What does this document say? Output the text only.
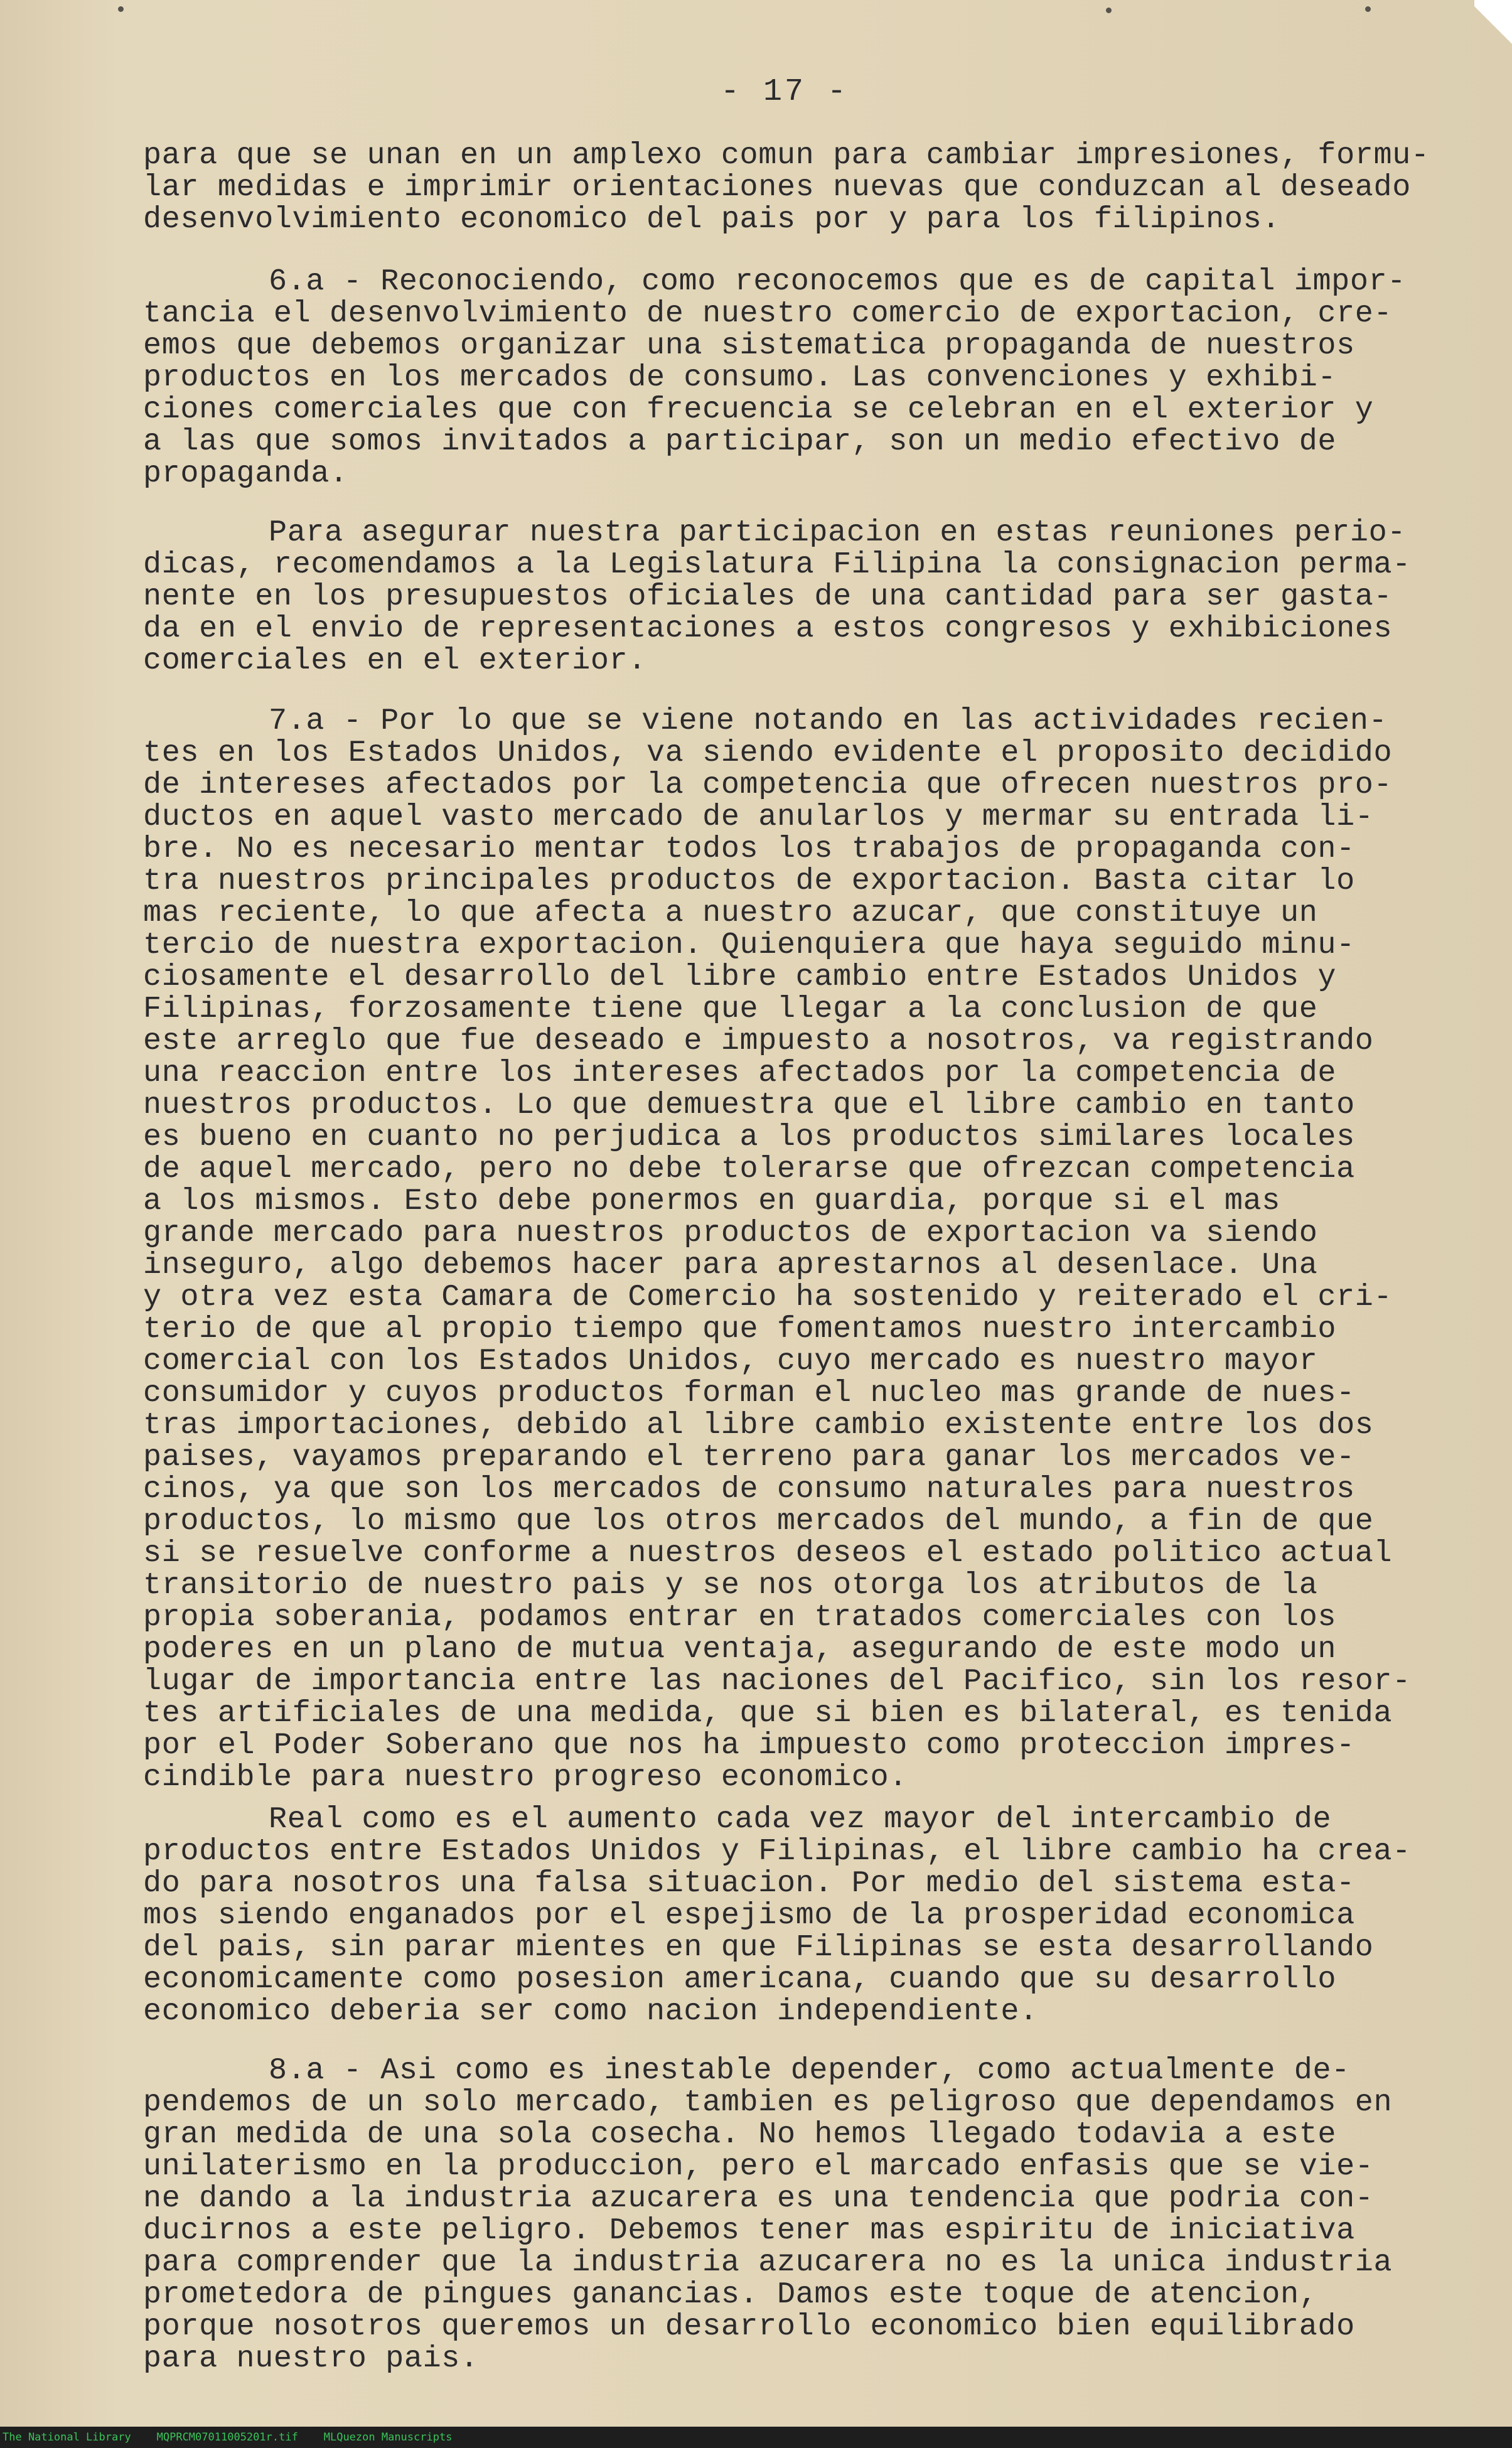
- 17 -
para que se unan en un amplexo comun para cambiar impresiones, formu-
lar medidas e imprimir orientaciones nuevas que conduzcan al deseado
desenvolvimiento economico del pais por y para los filipinos.
6.a - Reconociendo, como reconocemos que es de capital impor-
tancia el desenvolvimiento de nuestro comercio de exportacion, cre-
emos que debemos organizar una sistematica propaganda de nuestros
productos en los mercados de consumo. Las convenciones y exhibi-
ciones comerciales que con frecuencia se celebran en el exterior y
a las que somos invitados a participar, son un medio efectivo de
propaganda.
Para asegurar nuestra participacion en estas reuniones perio-
dicas, recomendamos a la Legislatura Filipina la consignacion perma-
nente en los presupuestos oficiales de una cantidad para ser gasta-
da en el envio de representaciones a estos congresos y exhibiciones
comerciales en el exterior.
7.a - Por lo que se viene notando en las actividades recien-
tes en los Estados Unidos, va siendo evidente el proposito decidido
de intereses afectados por la competencia que ofrecen nuestros pro-
ductos en aquel vasto mercado de anularlos y mermar su entrada li-
bre. No es necesario mentar todos los trabajos de propaganda con-
tra nuestros principales productos de exportacion. Basta citar lo
mas reciente, lo que afecta a nuestro azucar, que constituye un
tercio de nuestra exportacion. Quienquiera que haya seguido minu-
ciosamente el desarrollo del libre cambio entre Estados Unidos y
Filipinas, forzosamente tiene que llegar a la conclusion de que
este arreglo que fue deseado e impuesto a nosotros, va registrando
una reaccion entre los intereses afectados por la competencia de
nuestros productos. Lo que demuestra que el libre cambio en tanto
es bueno en cuanto no perjudica a los productos similares locales
de aquel mercado, pero no debe tolerarse que ofrezcan competencia
a los mismos. Esto debe ponermos en guardia, porque si el mas
grande mercado para nuestros productos de exportacion va siendo
inseguro, algo debemos hacer para aprestarnos al desenlace. Una
y otra vez esta Camara de Comercio ha sostenido y reiterado el cri-
terio de que al propio tiempo que fomentamos nuestro intercambio
comercial con los Estados Unidos, cuyo mercado es nuestro mayor
consumidor y cuyos productos forman el nucleo mas grande de nues-
tras importaciones, debido al libre cambio existente entre los dos
paises, vayamos preparando el terreno para ganar los mercados ve-
cinos, ya que son los mercados de consumo naturales para nuestros
productos, lo mismo que los otros mercados del mundo, a fin de que
si se resuelve conforme a nuestros deseos el estado politico actual
transitorio de nuestro pais y se nos otorga los atributos de la
propia soberania, podamos entrar en tratados comerciales con los
poderes en un plano de mutua ventaja, asegurando de este modo un
lugar de importancia entre las naciones del Pacifico, sin los resor-
tes artificiales de una medida, que si bien es bilateral, es tenida
por el Poder Soberano que nos ha impuesto como proteccion impres-
cindible para nuestro progreso economico.
Real como es el aumento cada vez mayor del intercambio de
productos entre Estados Unidos y Filipinas, el libre cambio ha crea-
do para nosotros una falsa situacion. Por medio del sistema esta-
mos siendo enganados por el espejismo de la prosperidad economica
del pais, sin parar mientes en que Filipinas se esta desarrollando
economicamente como posesion americana, cuando que su desarrollo
economico deberia ser como nacion independiente.
8.a - Asi como es inestable depender, como actualmente de-
pendemos de un solo mercado, tambien es peligroso que dependamos en
gran medida de una sola cosecha. No hemos llegado todavia a este
unilaterismo en la produccion, pero el marcado enfasis que se vie-
ne dando a la industria azucarera es una tendencia que podria con-
ducirnos a este peligro. Debemos tener mas espiritu de iniciativa
para comprender que la industria azucarera no es la unica industria
prometedora de pingues ganancias. Damos este toque de atencion,
porque nosotros queremos un desarrollo economico bien equilibrado
para nuestro pais.
The National Library    MQPRCM07011005201r.tif    MLQuezon Manuscripts
